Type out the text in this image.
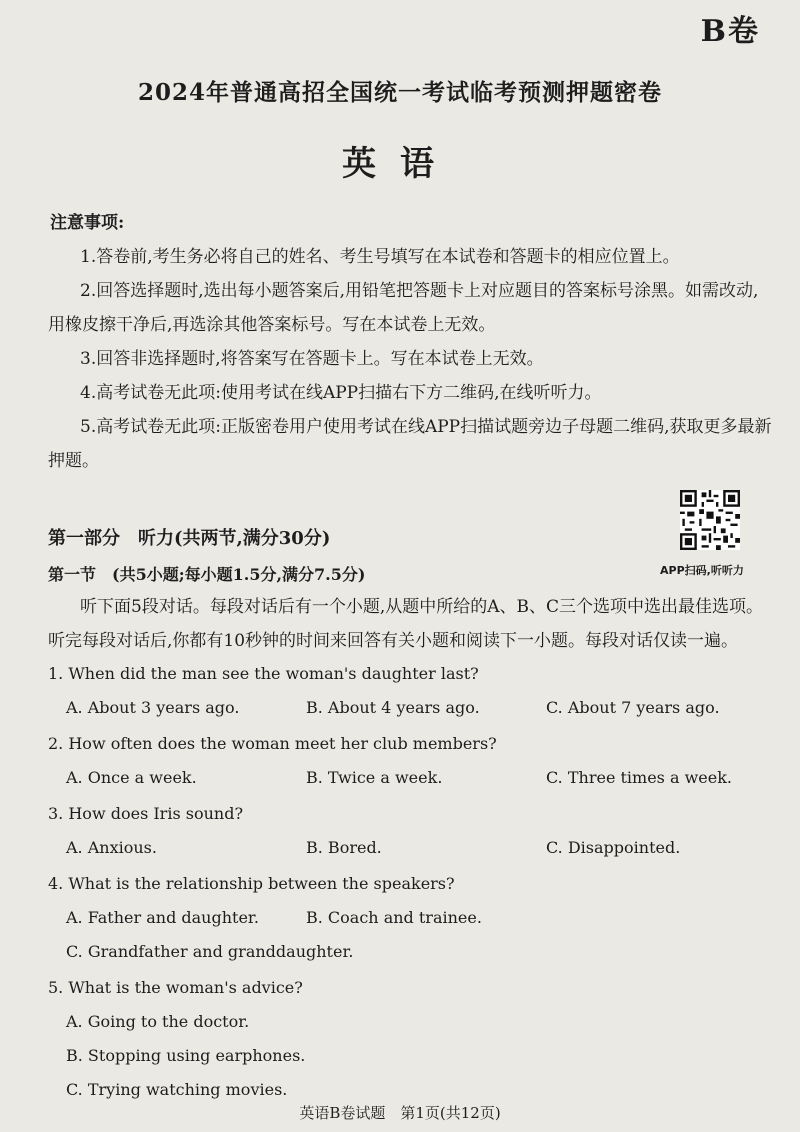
B卷
2024年普通高招全国统一考试临考预测押题密卷
英语
注意事项:
1.答卷前,考生务必将自己的姓名、考生号填写在本试卷和答题卡的相应位置上。
2.回答选择题时,选出每小题答案后,用铅笔把答题卡上对应题目的答案标号涂黑。如需改动,用橡皮擦干净后,再选涂其他答案标号。写在本试卷上无效。
3.回答非选择题时,将答案写在答题卡上。写在本试卷上无效。
4.高考试卷无此项:使用考试在线APP扫描右下方二维码,在线听听力。
5.高考试卷无此项:正版密卷用户使用考试在线APP扫描试题旁边子母题二维码,获取更多最新押题。
APP扫码,听听力
第一部分　听力(共两节,满分30分)
第一节　(共5小题;每小题1.5分,满分7.5分)
听下面5段对话。每段对话后有一个小题,从题中所给的A、B、C三个选项中选出最佳选项。听完每段对话后,你都有10秒钟的时间来回答有关小题和阅读下一小题。每段对话仅读一遍。
1. When did the man see the woman's daughter last?
A. About 3 years ago.	B. About 4 years ago.	C. About 7 years ago.
2. How often does the woman meet her club members?
A. Once a week.	B. Twice a week.	C. Three times a week.
3. How does Iris sound?
A. Anxious.	B. Bored.	C. Disappointed.
4. What is the relationship between the speakers?
A. Father and daughter.	B. Coach and trainee.
C. Grandfather and granddaughter.
5. What is the woman's advice?
A. Going to the doctor.
B. Stopping using earphones.
C. Trying watching movies.
英语B卷试题　第1页(共12页)
